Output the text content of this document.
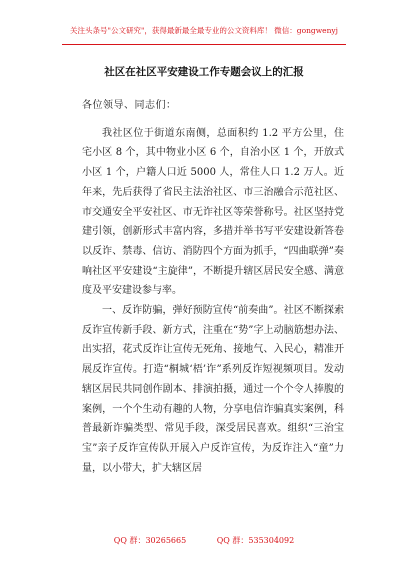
关注头条号"公文研究"，获得最新最全最专业的公文资料库！ 微信：gongwenyj
社区在社区平安建设工作专题会议上的汇报

各位领导、同志们：

我社区位于街道东南侧，总面积约 1.2 平方公里，住宅小区 8 个，其中物业小区 6 个，自治小区 1 个，开放式小区 1 个，户籍人口近 5000 人，常住人口 1.2 万人。近年来，先后获得了省民主法治社区、市三治融合示范社区、市交通安全平安社区、市无诈社区等荣誉称号。社区坚持党建引领，创新形式丰富内容，多措并举书写平安建设新答卷以反诈、禁毒、信访、消防四个方面为抓手，“四曲联弹”奏响社区平安建设“主旋律”，不断提升辖区居民安全感、满意度及平安建设参与率。

一、反诈防骗，弹好预防宣传“前奏曲”。社区不断探索反诈宣传新手段、新方式，注重在“势”字上动脑筋想办法、出实招，花式反诈让宣传无死角、接地气、入民心，精准开展反诈宣传。打造“桐城‘梧’诈”系列反诈短视频项目。发动辖区居民共同创作剧本、排演拍摄，通过一个个令人捧腹的案例，一个个生动有趣的人物，分享电信诈骗真实案例，科普最新诈骗类型、常见手段，深受居民喜欢。组织“三治宝宝”亲子反诈宣传队开展入户反诈宣传，为反诈注入“童”力量，以小带大，扩大辖区居

QQ 群：30265665	QQ 群：535304092
